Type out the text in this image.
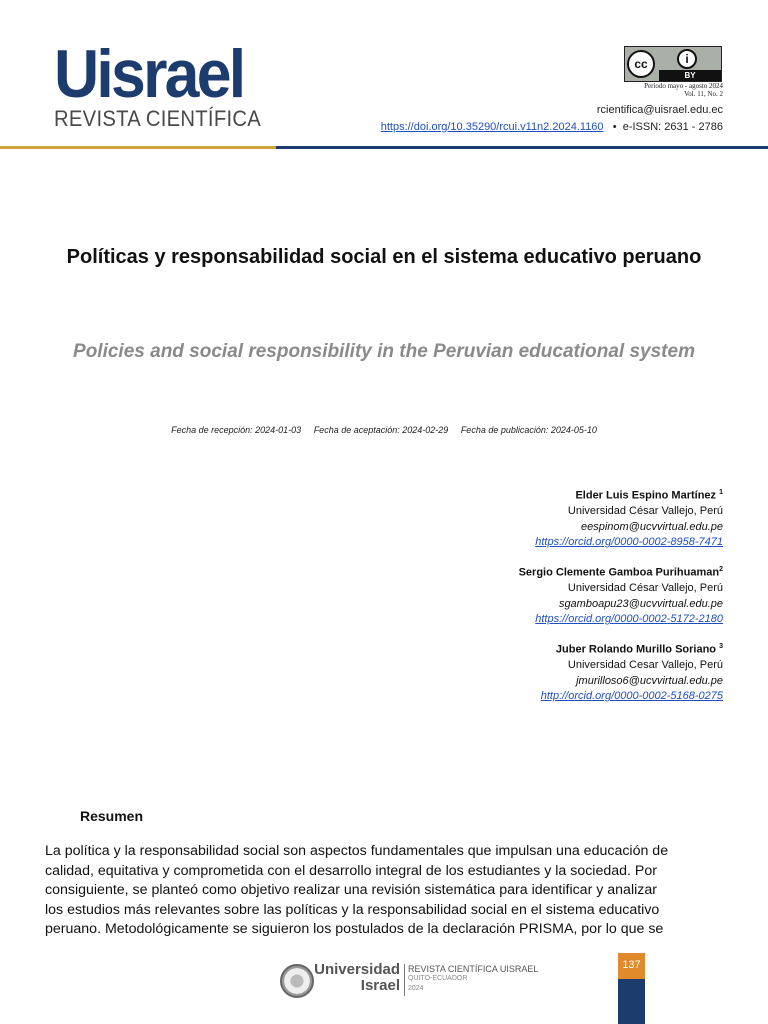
Uisrael
REVISTA CIENTÍFICA
cc	i
BY
Período mayo - agosto 2024
Vol. 11, No. 2
rcientifica@uisrael.edu.ec
https://doi.org/10.35290/rcui.v11n2.2024.1160 • e-ISSN: 2631 - 2786
Políticas y responsabilidad social en el sistema educativo peruano
Policies and social responsibility in the Peruvian educational system
Fecha de recepción: 2024-01-03 Fecha de aceptación: 2024-02-29 Fecha de publicación: 2024-05-10
Elder Luis Espino Martínez $^1$
Universidad César Vallejo, Perú
eespinom@ucvvirtual.edu.pe
https://orcid.org/0000-0002-8958-7471
Sergio Clemente Gamboa Purihuaman$^2$
Universidad César Vallejo, Perú
sgamboapu23@ucvvirtual.edu.pe
https://orcid.org/0000-0002-5172-2180
Juber Rolando Murillo Soriano $^3$
Universidad Cesar Vallejo, Perú
jmurilloso6@ucvvirtual.edu.pe
http://orcid.org/0000-0002-5168-0275
Resumen
La política y la responsabilidad social son aspectos fundamentales que impulsan una educación de
calidad, equitativa y comprometida con el desarrollo integral de los estudiantes y la sociedad. Por
consiguiente, se planteó como objetivo realizar una revisión sistemática para identificar y analizar
los estudios más relevantes sobre las políticas y la responsabilidad social en el sistema educativo
peruano. Metodológicamente se siguieron los postulados de la declaración PRISMA, por lo que se
Universidad
Israel
REVISTA CIENTÍFICA UISRAEL
QUITO-ECUADOR
2024
137
